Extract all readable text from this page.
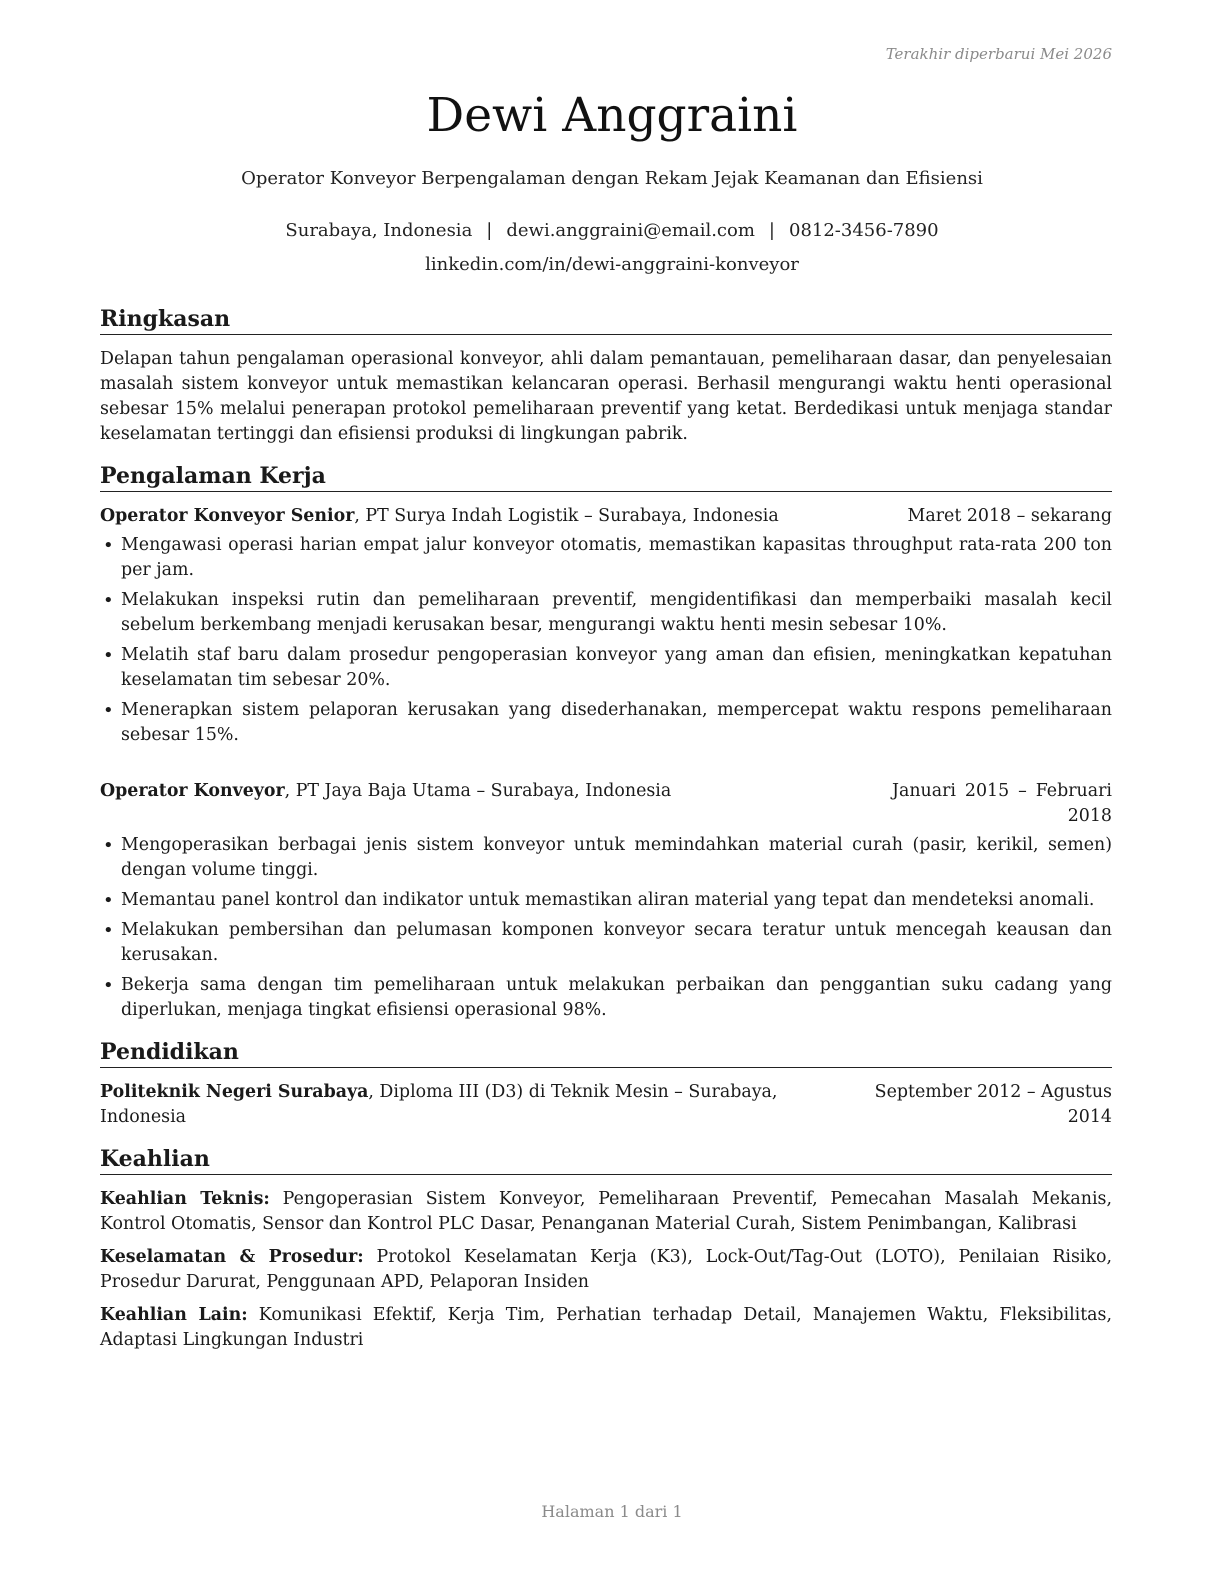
Terakhir diperbarui Mei 2026
Dewi Anggraini
Operator Konveyor Berpengalaman dengan Rekam Jejak Keamanan dan Efisiensi
Surabaya, Indonesia | dewi.anggraini@email.com | 0812-3456-7890
linkedin.com/in/dewi-anggraini-konveyor
Ringkasan

Delapan tahun pengalaman operasional konveyor, ahli dalam pemantauan, pemeliharaan dasar, dan penyelesaian masalah sistem konveyor untuk memastikan kelancaran operasi. Berhasil mengurangi waktu henti operasional sebesar 15% melalui penerapan protokol pemeliharaan preventif yang ketat. Berdedikasi untuk menjaga standar keselamatan tertinggi dan efisiensi produksi di lingkungan pabrik.

Pengalaman Kerja
Operator Konveyor Senior, PT Surya Indah Logistik – Surabaya, Indonesia	Maret 2018 – sekarang
• Mengawasi operasi harian empat jalur konveyor otomatis, memastikan kapasitas throughput rata-rata 200 ton per jam.
• Melakukan inspeksi rutin dan pemeliharaan preventif, mengidentifikasi dan memperbaiki masalah kecil sebelum berkembang menjadi kerusakan besar, mengurangi waktu henti mesin sebesar 10%.
• Melatih staf baru dalam prosedur pengoperasian konveyor yang aman dan efisien, meningkatkan kepatuhan keselamatan tim sebesar 20%.
• Menerapkan sistem pelaporan kerusakan yang disederhanakan, mempercepat waktu respons pemeliharaan sebesar 15%.
Operator Konveyor, PT Jaya Baja Utama – Surabaya, Indonesia	Januari 2015 – Februari 2018
• Mengoperasikan berbagai jenis sistem konveyor untuk memindahkan material curah (pasir, kerikil, semen) dengan volume tinggi.
• Memantau panel kontrol dan indikator untuk memastikan aliran material yang tepat dan mendeteksi anomali.
• Melakukan pembersihan dan pelumasan komponen konveyor secara teratur untuk mencegah keausan dan kerusakan.
• Bekerja sama dengan tim pemeliharaan untuk melakukan perbaikan dan penggantian suku cadang yang diperlukan, menjaga tingkat efisiensi operasional 98%.
Pendidikan
Politeknik Negeri Surabaya, Diploma III (D3) di Teknik Mesin – Surabaya, Indonesia
September 2012 – Agustus 2014
Keahlian
Keahlian Teknis: Pengoperasian Sistem Konveyor, Pemeliharaan Preventif, Pemecahan Masalah Mekanis, Kontrol Otomatis, Sensor dan Kontrol PLC Dasar, Penanganan Material Curah, Sistem Penimbangan, Kalibrasi
Keselamatan & Prosedur: Protokol Keselamatan Kerja (K3), Lock-Out/Tag-Out (LOTO), Penilaian Risiko, Prosedur Darurat, Penggunaan APD, Pelaporan Insiden
Keahlian Lain: Komunikasi Efektif, Kerja Tim, Perhatian terhadap Detail, Manajemen Waktu, Fleksibilitas, Adaptasi Lingkungan Industri
Halaman 1 dari 1
